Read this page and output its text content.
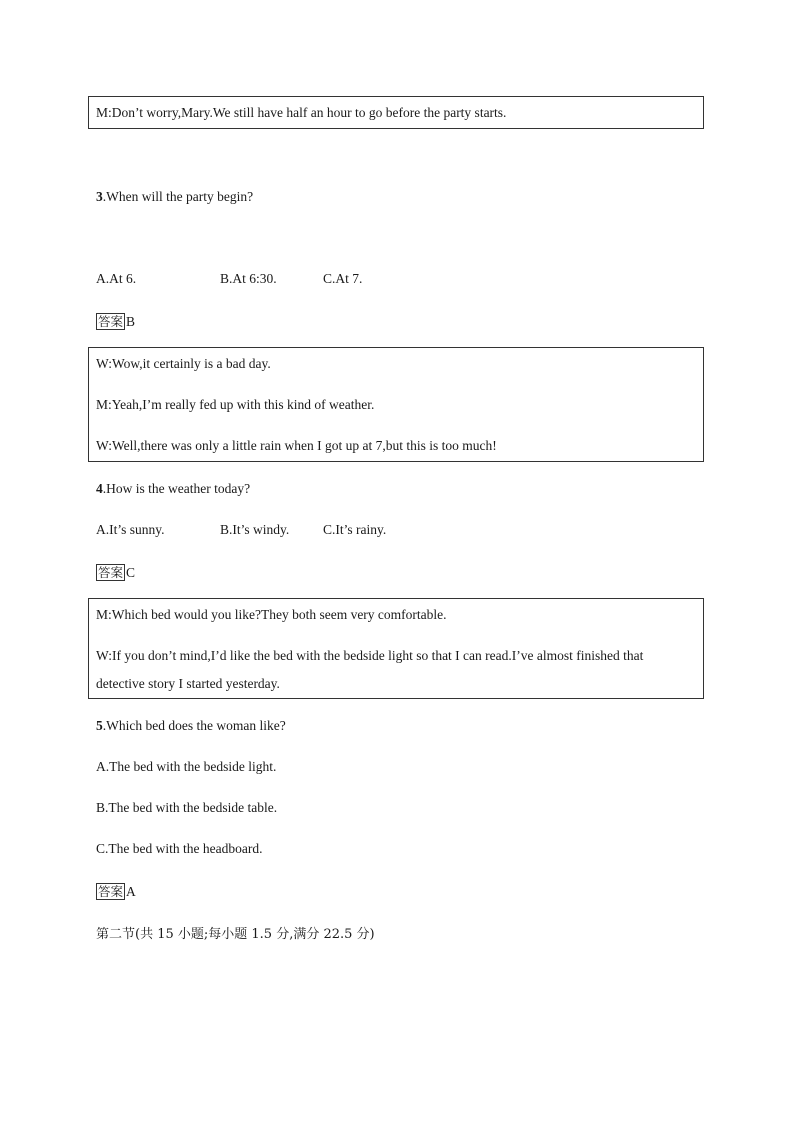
M:Don’t worry,Mary.We still have half an hour to go before the party starts.
3.When will the party begin?
A.At 6.	B.At 6:30.	C.At 7.
答案 B
W:Wow,it certainly is a bad day.
M:Yeah,I’m really fed up with this kind of weather.
W:Well,there was only a little rain when I got up at 7,but this is too much!
4.How is the weather today?
A.It’s sunny.	B.It’s windy. C.It’s rainy.
答案 C
M:Which bed would you like?They both seem very comfortable.
W:If you don’t mind,I’d like the bed with the bedside light so that I can read.I’ve almost finished that
detective story I started yesterday.
5.Which bed does the woman like?
A.The bed with the bedside light.
B.The bed with the bedside table.
C.The bed with the headboard.
答案 A
第二节(共 15 小题;每小题 1.5 分,满分 22.5 分)
